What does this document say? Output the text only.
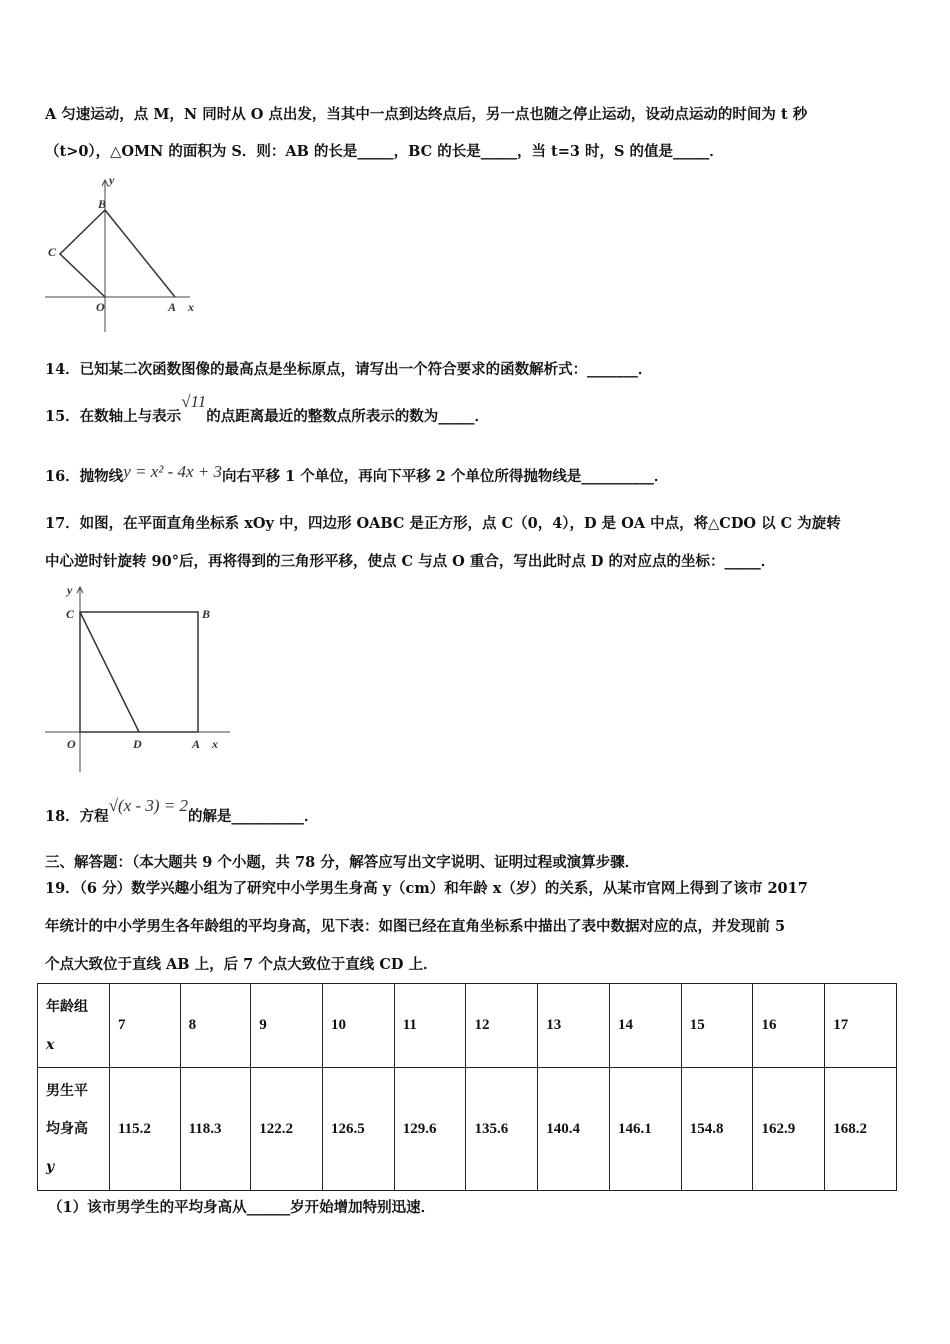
A 匀速运动，点 M，N 同时从 O 点出发，当其中一点到达终点后，另一点也随之停止运动，设动点运动的时间为 t 秒
（t>0），△OMN 的面积为 S．则：AB 的长是_____，BC 的长是_____，当 t=3 时，S 的值是_____．
y
B
C
O	A x
14．已知某二次函数图像的最高点是坐标原点，请写出一个符合要求的函数解析式：_______．
15．在数轴上与表示√11的点距离最近的整数点所表示的数为_____．
16．抛物线y = x² - 4x + 3向右平移 1 个单位，再向下平移 2 个单位所得抛物线是__________．
17．如图，在平面直角坐标系 xOy 中，四边形 OABC 是正方形，点 C（0，4），D 是 OA 中点，将△CDO 以 C 为旋转
中心逆时针旋转 90°后，再将得到的三角形平移，使点 C 与点 O 重合，写出此时点 D 的对应点的坐标：_____．
y
C	B
O	D	A x
18．方程√(x - 3) = 2的解是__________．
三、解答题：（本大题共 9 个小题，共 78 分，解答应写出文字说明、证明过程或演算步骤．
19．（6 分）数学兴趣小组为了研究中小学男生身高 y（cm）和年龄 x（岁）的关系，从某市官网上得到了该市 2017
年统计的中小学男生各年龄组的平均身高，见下表：如图已经在直角坐标系中描出了表中数据对应的点，并发现前 5
个点大致位于直线 AB 上，后 7 个点大致位于直线 CD 上．
年龄组
x	7	8	9	10	11	12	13	14	15	16	17
男生平
均身高
y	115.2	118.3	122.2	126.5	129.6	135.6	140.4	146.1	154.8	162.9	168.2
（1）该市男学生的平均身高从______岁开始增加特别迅速．
